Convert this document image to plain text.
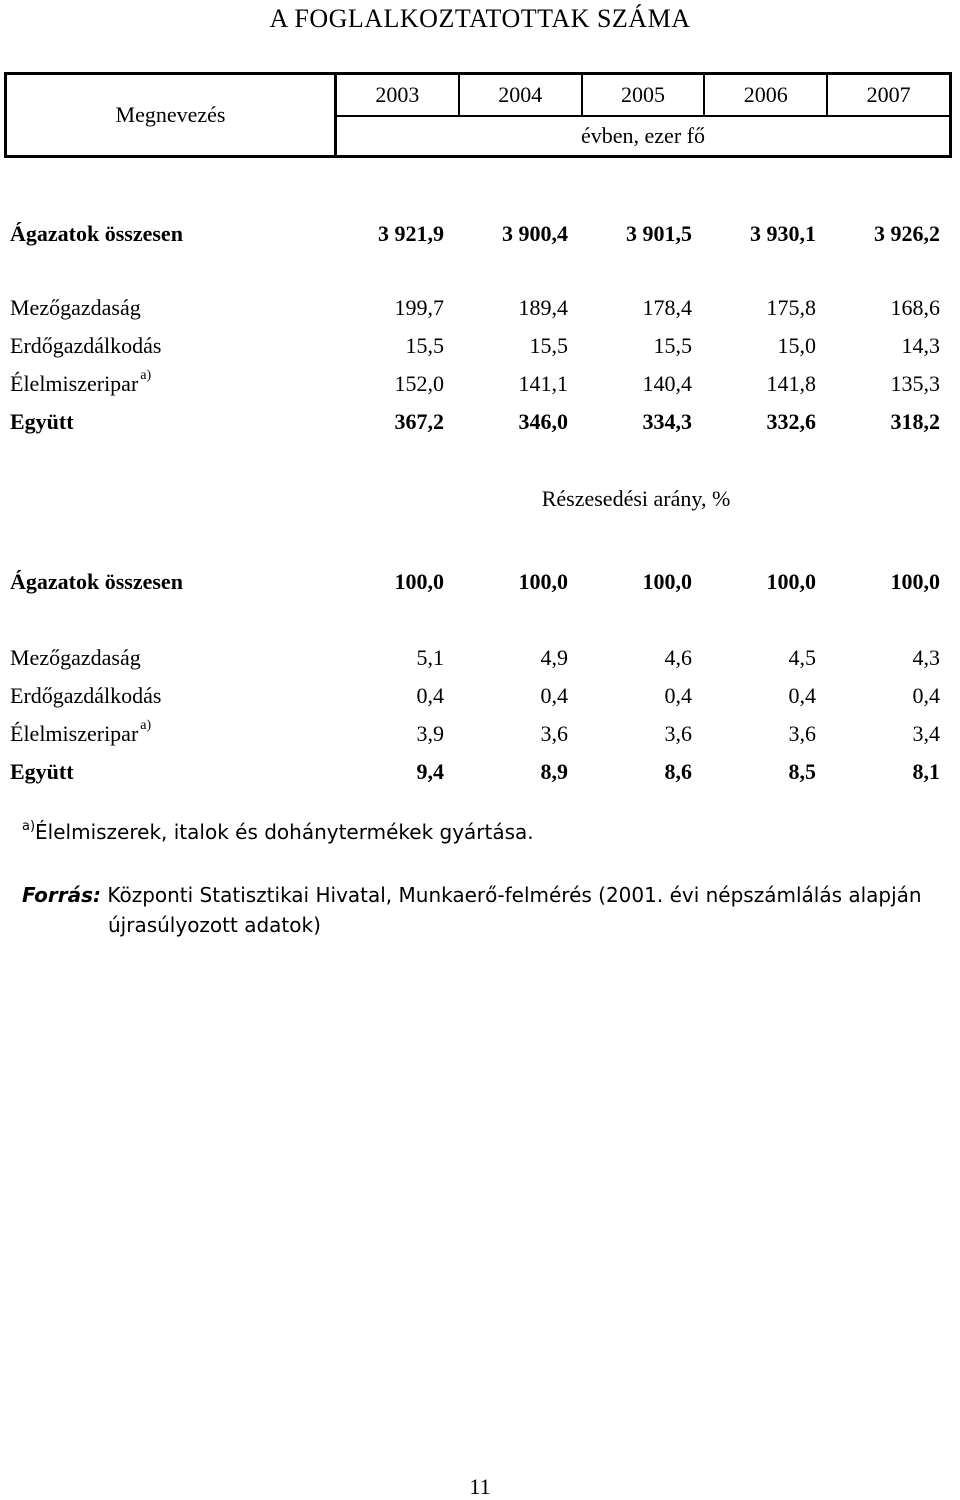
A FOGLALKOZTATOTTAK SZÁMA
Megnevezés
2003	2004	2005	2006	2007
évben, ezer fő
Ágazatok összesen	3 921,9	3 900,4	3 901,5	3 930,1	3 926,2
Mezőgazdaság	199,7	189,4	178,4	175,8	168,6
Erdőgazdálkodás	15,5	15,5	15,5	15,0	14,3
Élelmiszeripar $^{a)}$	152,0	141,1	140,4	141,8	135,3
Együtt	367,2	346,0	334,3	332,6	318,2
Részesedési arány, %
Ágazatok összesen	100,0	100,0	100,0	100,0	100,0
Mezőgazdaság	5,1	4,9	4,6	4,5	4,3
Erdőgazdálkodás	0,4	0,4	0,4	0,4	0,4
Élelmiszeripar $^{a)}$	3,9	3,6	3,6	3,6	3,4
Együtt	9,4	8,9	8,6	8,5	8,1
$^{a)}$Élelmiszerek, italok és dohánytermékek gyártása.
Forrás: Központi Statisztikai Hivatal, Munkaerő-felmérés (2001. évi népszámlálás alapján
újrasúlyozott adatok)
11
